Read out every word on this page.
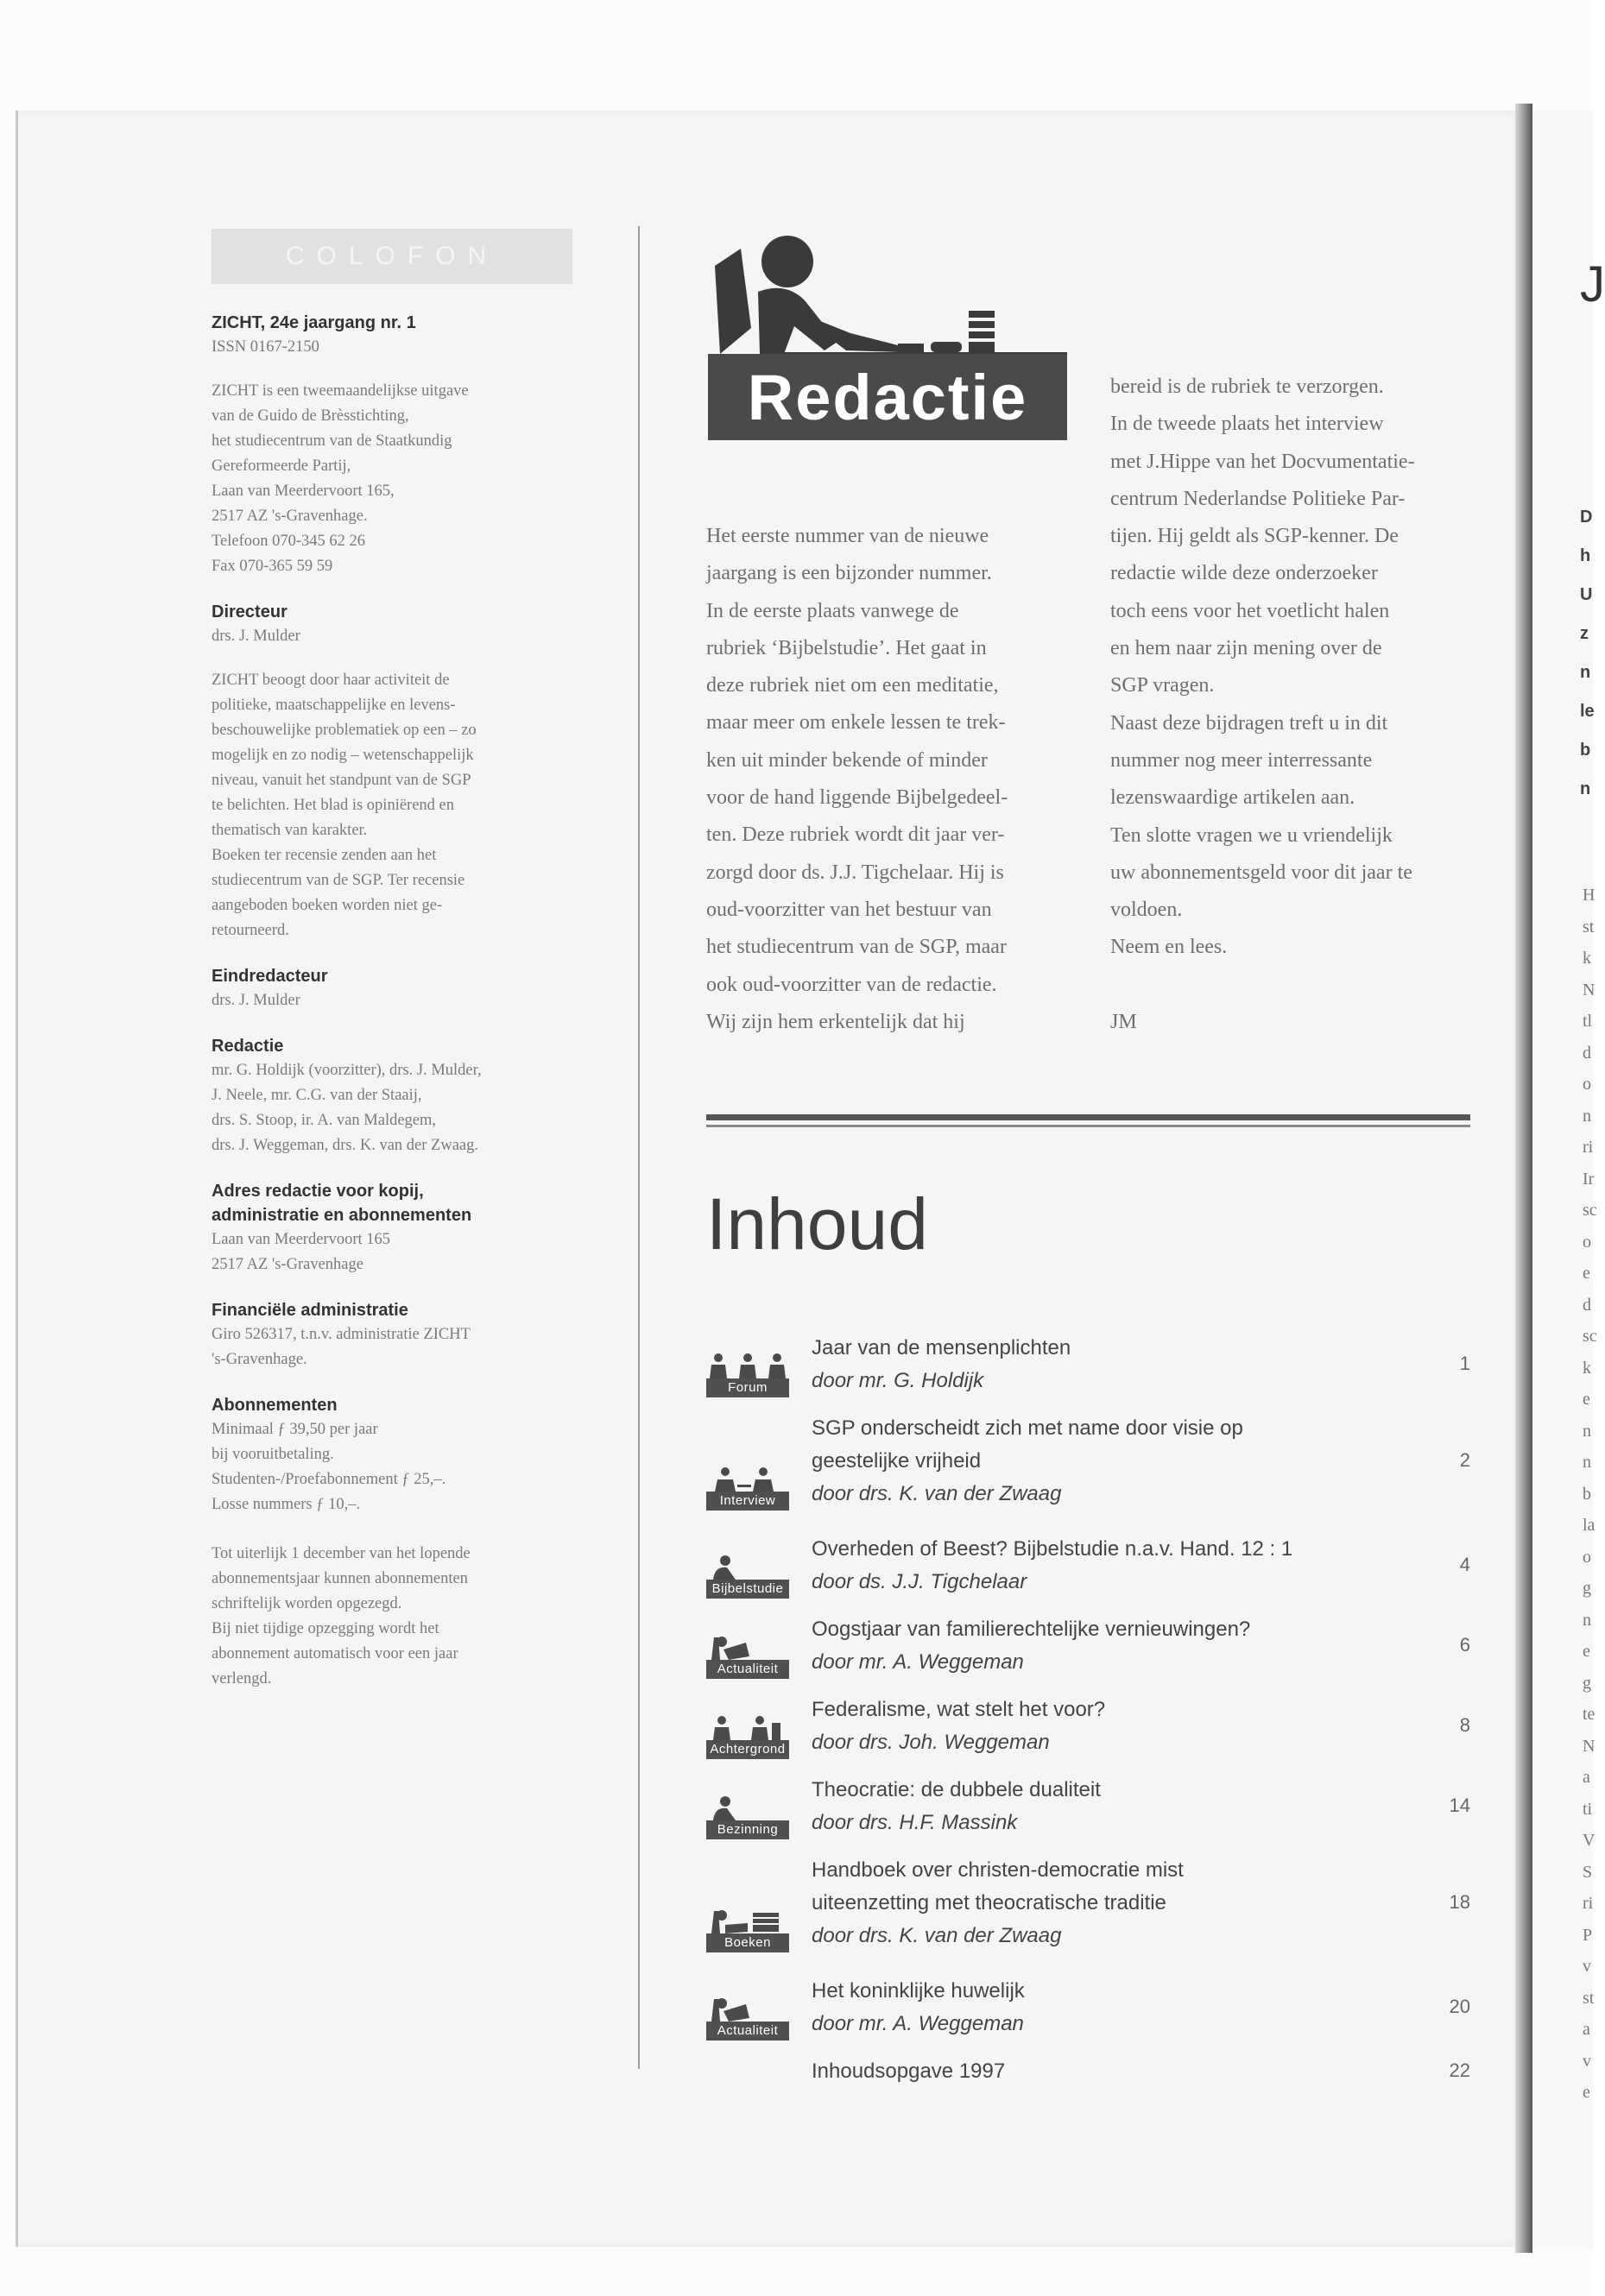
J
D
h
U
z
n
le
b
n
H
st
k
N
tl
d
o
n
ri
Ir
sc
o
e
d
sc
k
e
n
n
b
la
o
g
n
e
g
te
N
a
ti
V
S
ri
P
v
st
a
v
e
COLOFON
ZICHT, 24e jaargang nr. 1

ISSN 0167-2150

ZICHT is een tweemaandelijkse uitgave

van de Guido de Brèsstichting,

het studiecentrum van de Staatkundig

Gereformeerde Partij,

Laan van Meerdervoort 165,

2517 AZ 's-Gravenhage.

Telefoon 070-345 62 26

Fax 070-365 59 59

Directeur

drs. J. Mulder

ZICHT beoogt door haar activiteit de

politieke, maatschappelijke en levens-

beschouwelijke problematiek op een – zo

mogelijk en zo nodig – wetenschappelijk

niveau, vanuit het standpunt van de SGP

te belichten. Het blad is opiniërend en

thematisch van karakter.

Boeken ter recensie zenden aan het

studiecentrum van de SGP. Ter recensie

aangeboden boeken worden niet ge-

retourneerd.

Eindredacteur

drs. J. Mulder

Redactie

mr. G. Holdijk (voorzitter), drs. J. Mulder,

J. Neele, mr. C.G. van der Staaij,

drs. S. Stoop, ir. A. van Maldegem,

drs. J. Weggeman, drs. K. van der Zwaag.

Adres redactie voor kopij,
administratie en abonnementen

Laan van Meerdervoort 165

2517 AZ 's-Gravenhage

Financiële administratie

Giro 526317, t.n.v. administratie ZICHT

's-Gravenhage.

Abonnementen

Minimaal ƒ 39,50 per jaar

bij vooruitbetaling.

Studenten-/Proefabonnement ƒ 25,–.

Losse nummers ƒ 10,–.

Tot uiterlijk 1 december van het lopende

abonnementsjaar kunnen abonnementen

schriftelijk worden opgezegd.

Bij niet tijdige opzegging wordt het

abonnement automatisch voor een jaar

verlengd.

Redactie

Het eerste nummer van de nieuwe

jaargang is een bijzonder nummer.

In de eerste plaats vanwege de

rubriek ‘Bijbelstudie’. Het gaat in

deze rubriek niet om een meditatie,

maar meer om enkele lessen te trek-

ken uit minder bekende of minder

voor de hand liggende Bijbelgedeel-

ten. Deze rubriek wordt dit jaar ver-

zorgd door ds. J.J. Tigchelaar. Hij is

oud-voorzitter van het bestuur van

het studiecentrum van de SGP, maar

ook oud-voorzitter van de redactie.

Wij zijn hem erkentelijk dat hij

bereid is de rubriek te verzorgen.

In de tweede plaats het interview

met J.Hippe van het Docvumentatie-

centrum Nederlandse Politieke Par-

tijen. Hij geldt als SGP-kenner. De

redactie wilde deze onderzoeker

toch eens voor het voetlicht halen

en hem naar zijn mening over de

SGP vragen.

Naast deze bijdragen treft u in dit

nummer nog meer interressante

lezenswaardige artikelen aan.

Ten slotte vragen we u vriendelijk

uw abonnementsgeld voor dit jaar te

voldoen.

Neem en lees.

JM

Inhoud
Forum
Jaar van de mensenplichten
door mr. G. Holdijk
1
Interview
SGP onderscheidt zich met name door visie op
geestelijke vrijheid
door drs. K. van der Zwaag
2
Bijbelstudie
Overheden of Beest? Bijbelstudie n.a.v. Hand. 12 : 1
door ds. J.J. Tigchelaar
4
Actualiteit
Oogstjaar van familierechtelijke vernieuwingen?
door mr. A. Weggeman
6
Achtergrond
Federalisme, wat stelt het voor?
door drs. Joh. Weggeman
8
Bezinning
Theocratie: de dubbele dualiteit
door drs. H.F. Massink
14
Boeken
Handboek over christen-democratie mist
uiteenzetting met theocratische traditie
door drs. K. van der Zwaag
18
Actualiteit
Het koninklijke huwelijk
door mr. A. Weggeman
20
Inhoudsopgave 1997	22
